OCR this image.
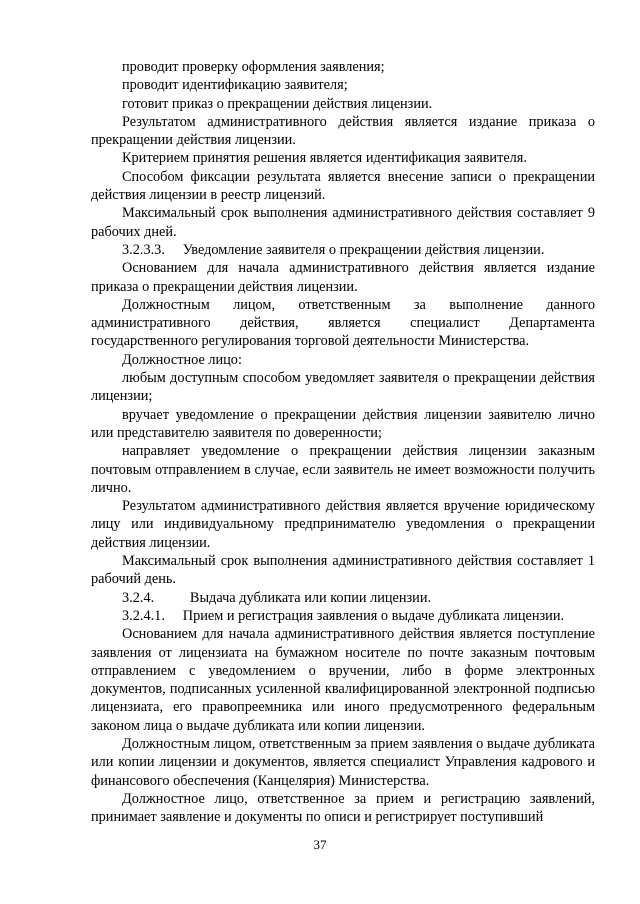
проводит проверку оформления заявления;

проводит идентификацию заявителя;

готовит приказ о прекращении действия лицензии.

Результатом административного действия является издание приказа о прекращении действия лицензии.

Критерием принятия решения является идентификация заявителя.

Способом фиксации результата является внесение записи о прекращении действия лицензии в реестр лицензий.

Максимальный срок выполнения административного действия составляет 9 рабочих дней.

3.2.3.3.     Уведомление заявителя о прекращении действия лицензии.

Основанием для начала административного действия является издание приказа о прекращении действия лицензии.

Должностным лицом, ответственным за выполнение данного административного действия, является специалист Департамента государственного регулирования торговой деятельности Министерства.

Должностное лицо:

любым доступным способом уведомляет заявителя о прекращении действия лицензии;

вручает уведомление о прекращении действия лицензии заявителю лично или представителю заявителя по доверенности;

направляет уведомление о прекращении действия лицензии заказным почтовым отправлением в случае, если заявитель не имеет возможности получить лично.

Результатом административного действия является вручение юридическому лицу или индивидуальному предпринимателю уведомления о прекращении действия лицензии.

Максимальный срок выполнения административного действия составляет 1 рабочий день.

3.2.4.          Выдача дубликата или копии лицензии.

3.2.4.1.     Прием и регистрация заявления о выдаче дубликата лицензии.

Основанием для начала административного действия является поступление заявления от лицензиата на бумажном носителе по почте заказным почтовым отправлением с уведомлением о вручении, либо в форме электронных документов, подписанных усиленной квалифицированной электронной подписью лицензиата, его правопреемника или иного предусмотренного федеральным законом лица о выдаче дубликата или копии лицензии.

Должностным лицом, ответственным за прием заявления о выдаче дубликата или копии лицензии и документов, является специалист Управления кадрового и финансового обеспечения (Канцелярия) Министерства.

Должностное лицо, ответственное за прием и регистрацию заявлений, принимает заявление и документы по описи и регистрирует поступивший

37
